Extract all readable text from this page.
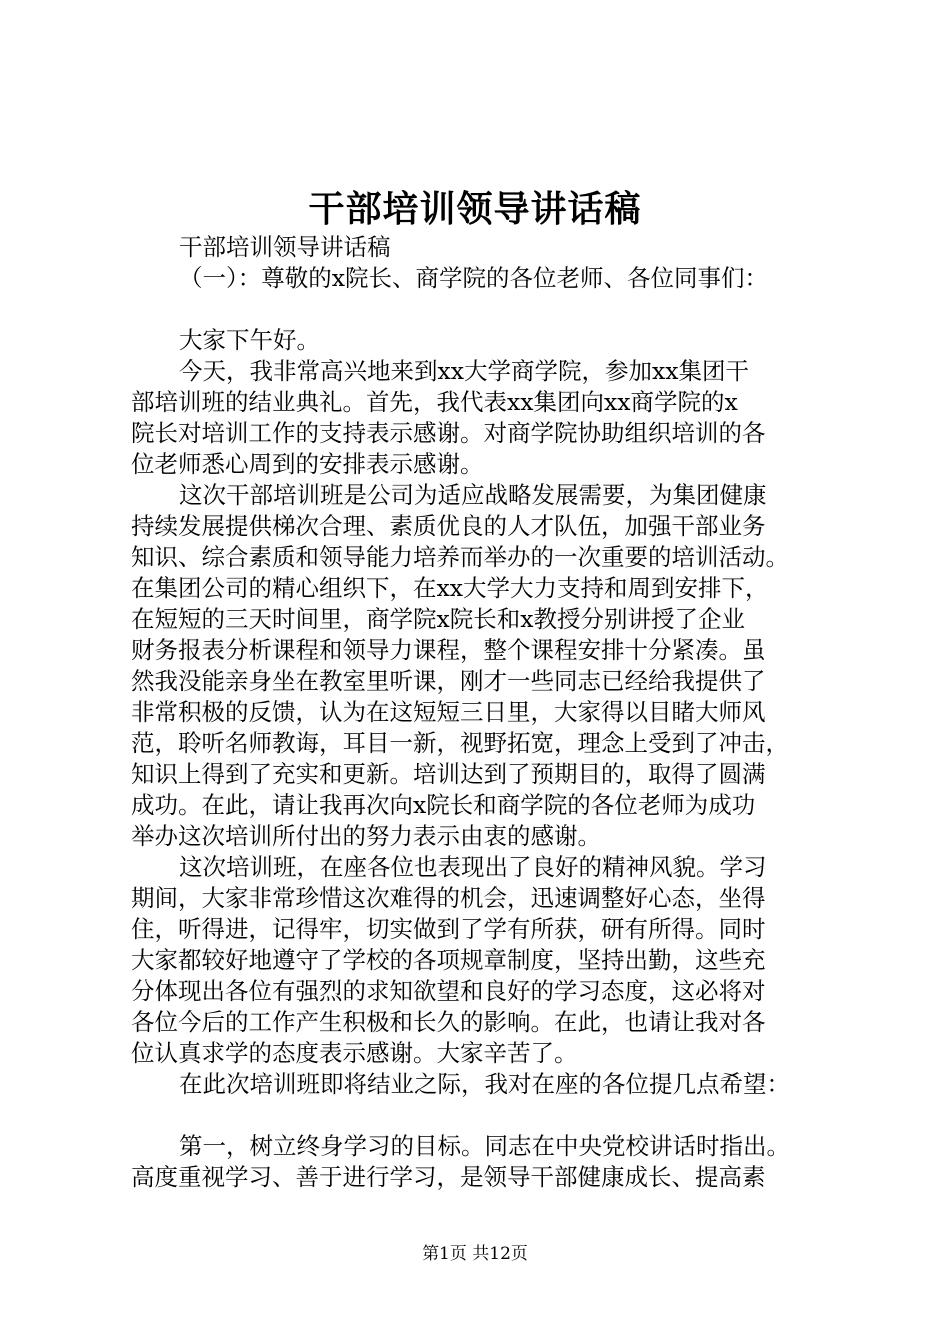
干部培训领导讲话稿
干部培训领导讲话稿
（一）：尊敬的x院长、商学院的各位老师、各位同事们：
大家下午好。
今天，我非常高兴地来到xx大学商学院，参加xx集团干
部培训班的结业典礼。首先，我代表xx集团向xx商学院的x
院长对培训工作的支持表示感谢。对商学院协助组织培训的各
位老师悉心周到的安排表示感谢。
这次干部培训班是公司为适应战略发展需要，为集团健康
持续发展提供梯次合理、素质优良的人才队伍，加强干部业务
知识、综合素质和领导能力培养而举办的一次重要的培训活动。
在集团公司的精心组织下，在xx大学大力支持和周到安排下，
在短短的三天时间里，商学院x院长和x教授分别讲授了企业
财务报表分析课程和领导力课程，整个课程安排十分紧凑。虽
然我没能亲身坐在教室里听课，刚才一些同志已经给我提供了
非常积极的反馈，认为在这短短三日里，大家得以目睹大师风
范，聆听名师教诲，耳目一新，视野拓宽，理念上受到了冲击，
知识上得到了充实和更新。培训达到了预期目的，取得了圆满
成功。在此，请让我再次向x院长和商学院的各位老师为成功
举办这次培训所付出的努力表示由衷的感谢。
这次培训班，在座各位也表现出了良好的精神风貌。学习
期间，大家非常珍惜这次难得的机会，迅速调整好心态，坐得
住，听得进，记得牢，切实做到了学有所获，研有所得。同时
大家都较好地遵守了学校的各项规章制度，坚持出勤，这些充
分体现出各位有强烈的求知欲望和良好的学习态度，这必将对
各位今后的工作产生积极和长久的影响。在此，也请让我对各
位认真求学的态度表示感谢。大家辛苦了。
在此次培训班即将结业之际，我对在座的各位提几点希望：
第一，树立终身学习的目标。同志在中央党校讲话时指出。
高度重视学习、善于进行学习，是领导干部健康成长、提高素
第1页 共12页
